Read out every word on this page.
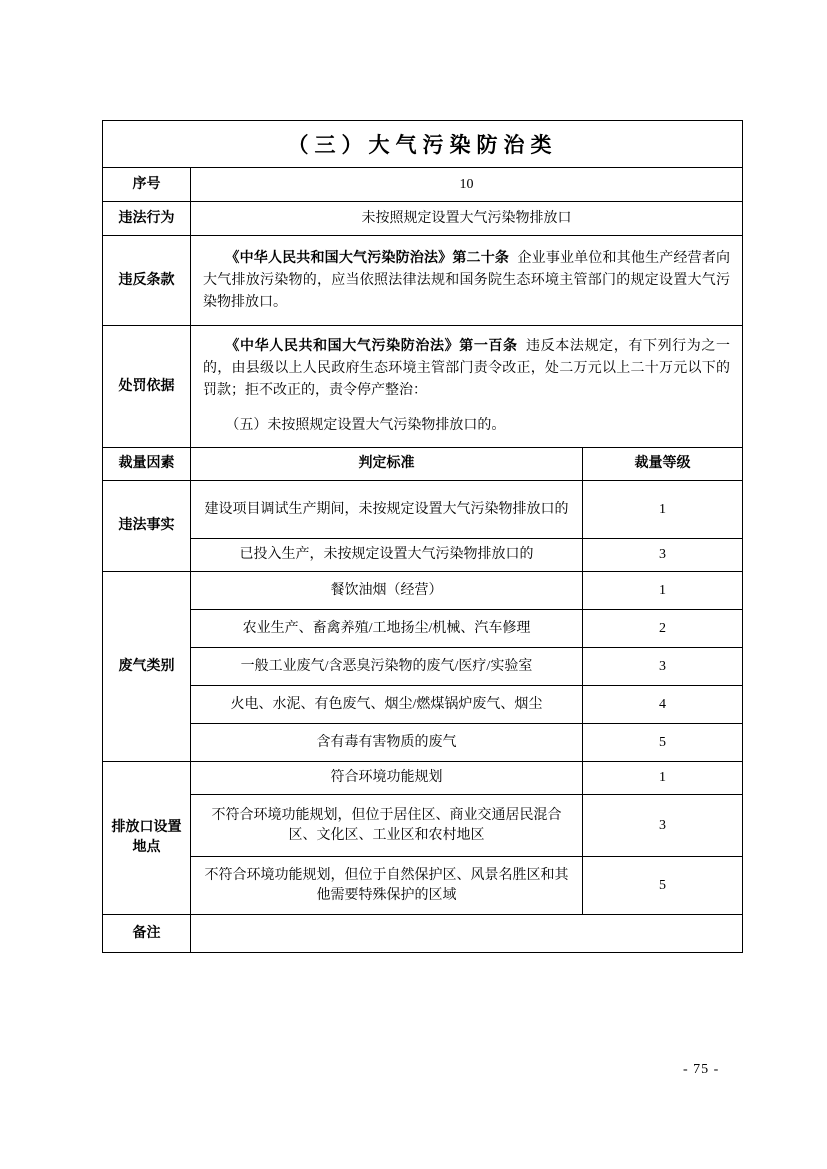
（三）大气污染防治类		
序号	10	
违法行为	未按照规定设置大气污染物排放口	
违反条款	《中华人民共和国大气污染防治法》第二十条 企业事业单位和其他生产经营者向大气排放污染物的，应当依照法律法规和国务院生态环境主管部门的规定设置大气污染物排放口。	

处罚依据	《中华人民共和国大气污染防治法》第一百条 违反本法规定，有下列行为之一的，由县级以上人民政府生态环境主管部门责令改正，处二万元以上二十万元以下的罚款；拒不改正的，责令停产整治：

（五）未按照规定设置大气污染物排放口的。	

裁量因素	判定标准	裁量等级
违法事实	建设项目调试生产期间，未按规定设置大气污染物排放口的	1
	已投入生产，未按规定设置大气污染物排放口的	3
废气类别	餐饮油烟（经营）	1
	农业生产、畜禽养殖/工地扬尘/机械、汽车修理	2
	一般工业废气/含恶臭污染物的废气/医疗/实验室	3
	火电、水泥、有色废气、烟尘/燃煤锅炉废气、烟尘	4
	含有毒有害物质的废气	5
排放口设置地点	符合环境功能规划	1
	不符合环境功能规划，但位于居住区、商业交通居民混合区、文化区、工业区和农村地区	3
	不符合环境功能规划，但位于自然保护区、风景名胜区和其他需要特殊保护的区域	5
备注		
- 75 -
